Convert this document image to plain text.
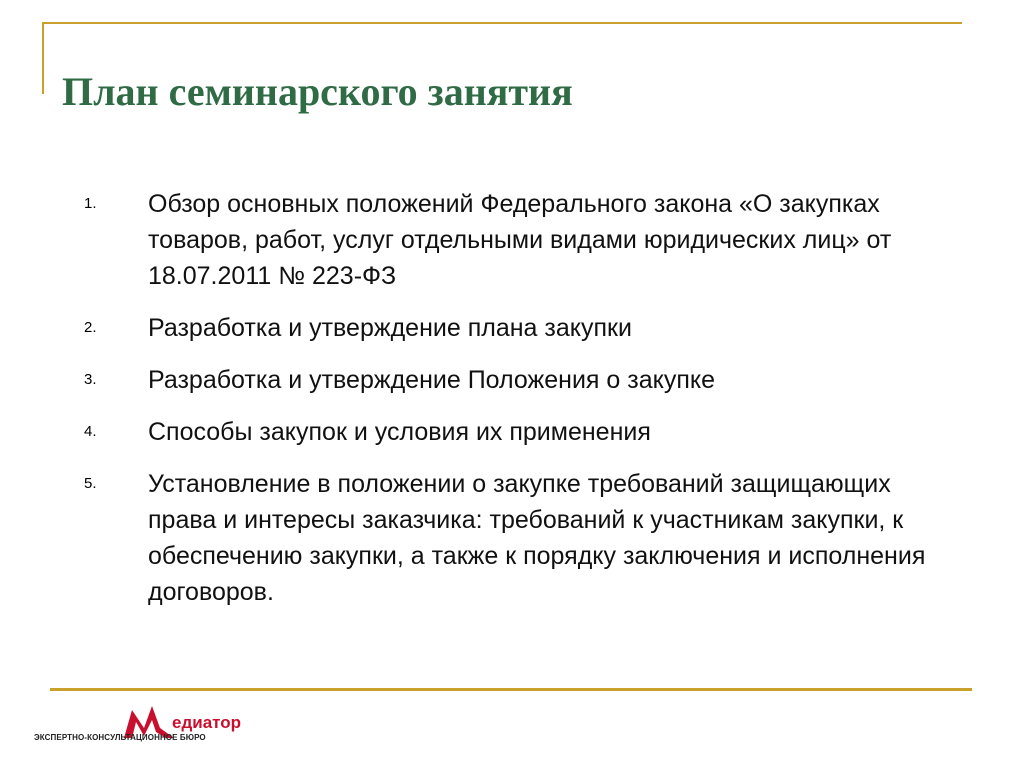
План семинарского занятия
1.	Обзор основных положений Федерального закона «О закупках товаров, работ, услуг отдельными видами юридических лиц» от 18.07.2011 № 223-ФЗ
2.	Разработка и утверждение плана закупки
3.	Разработка и утверждение Положения о закупке
4.	Способы закупок и условия их применения
5.	Установление в положении о закупке требований защищающих права и интересы заказчика: требований к участникам закупки, к обеспечению закупки, а также к порядку заключения и исполнения договоров.
едиатор
ЭКСПЕРТНО-КОНСУЛЬТАЦИОННОЕ БЮРО
